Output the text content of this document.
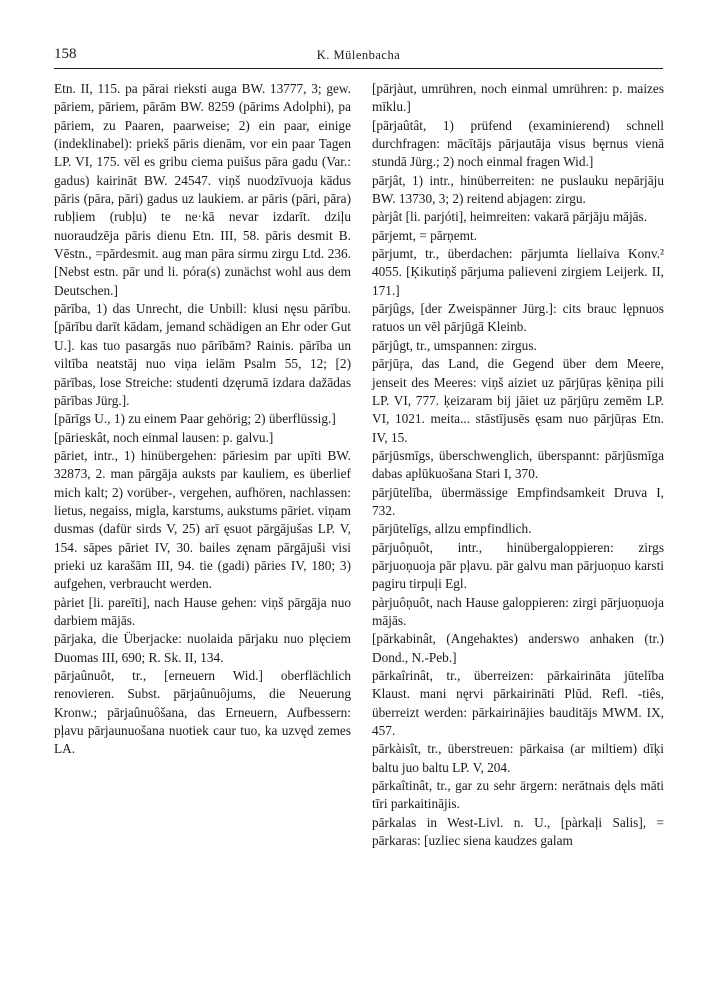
158	K. Mülenbacha

Etn. II, 115. pa pārai rieksti auga BW. 13777, 3; gew. pāriem, pāriem, pārām BW. 8259 (pārims Adolphi), pa pāriem, zu Paaren, paarweise; 2) ein paar, einige (indeklinabel): priekš pāris dienām, vor ein paar Tagen LP. VI, 175. vēl es gribu ciema puišus pāra gadu (Var.: gadus) kairināt BW. 24547. viņš nuodzīvuoja kādus pāris (pāra, pāri) gadus uz laukiem. ar pāris (pāri, pāra) rubļiem (rubļu) te ne·kā nevar izdarīt. dziļu nuoraudzēja pāris dienu Etn. III, 58. pāris desmit B. Vēstn., =pārdesmit. aug man pāra sirmu zirgu Ltd. 236. [Nebst estn. pār und li. póra(s) zunächst wohl aus dem Deutschen.]

pārība, 1) das Unrecht, die Unbill: klusi nęsu pārību. [pārību darīt kādam, jemand schädigen an Ehr oder Gut U.]. kas tuo pasargās nuo pārībām? Rainis. pārība un viltība neatstāj nuo viņa ielām Psalm 55, 12; [2) pārības, lose Streiche: studenti dzęrumā izdara dažādas pārības Jürg.].

[pārīgs U., 1) zu einem Paar gehörig; 2) überflüssig.]

[pārieskât, noch einmal lausen: p. galvu.]

pāriet, intr., 1) hinübergehen: pāriesim par upīti BW. 32873, 2. man pārgāja auksts par kauliem, es überlief mich kalt; 2) vorüber-, vergehen, aufhören, nachlassen: lietus, negaiss, migla, karstums, aukstums pāriet. viņam dusmas (dafür sirds V, 25) arī ęsuot pārgājušas LP. V, 154. sāpes pāriet IV, 30. bailes zęnam pārgājuši visi prieki uz karašām III, 94. tie (gadi) pāries IV, 180; 3) aufgehen, verbraucht werden.

pàriet [li. pareīti], nach Hause gehen: viņš pārgāja nuo darbiem mājās.

pārjaka, die Überjacke: nuolaida pārjaku nuo plęciem Duomas III, 690; R. Sk. II, 134.

pārjaûnuôt, tr., [erneuern Wid.] oberflächlich renovieren. Subst. pārjaûnuôjums, die Neuerung Kronw.; pārjaûnuôšana, das Erneuern, Aufbessern: pļavu pārjaunuošana nuotiek caur tuo, ka uzvęd zemes LA.

[pārjàut, umrühren, noch einmal umrühren: p. maizes mīklu.]

[pārjaûtât, 1) prüfend (examinierend) schnell durchfragen: mācītājs pārjautāja visus bęrnus vienā stundā Jürg.; 2) noch einmal fragen Wid.]

pārjât, 1) intr., hinüberreiten: ne puslauku nepārjāju BW. 13730, 3; 2) reitend abjagen: zirgu.

pàrjât [li. parjóti], heimreiten: vakarā pārjāju mājās.

pārjemt, = pārņemt.

pārjumt, tr., überdachen: pārjumta liellaiva Konv.² 4055. [Ķikutiņš pārjuma palieveni zirgiem Leijerk. II, 171.]

pārjûgs, [der Zweispänner Jürg.]: cits brauc lępnuos ratuos un vēl pārjūgā Kleinb.

pārjûgt, tr., umspannen: zirgus.

pārjūŗa, das Land, die Gegend über dem Meere, jenseit des Meeres: viņš aiziet uz pārjūŗas ķēniņa pili LP. VI, 777. ķeizaram bij jāiet uz pārjūŗu zemēm LP. VI, 1021. meita... stāstījusēs ęsam nuo pārjūŗas Etn. IV, 15.

pārjūsmīgs, überschwenglich, überspannt: pārjūsmīga dabas aplūkuošana Stari I, 370.

pārjūtelība, übermässige Empfindsamkeit Druva I, 732.

pārjūtelīgs, allzu empfindlich.

pārjuôņuôt, intr., hinübergaloppieren: zirgs pārjuoņuoja pār pļavu. pār galvu man pārjuoņuo karsti pagiru tirpuļi Egl.

pàrjuôņuôt, nach Hause galoppieren: zirgi pārjuoņuoja mājās.

[pārkabinât, (Angehaktes) anderswo anhaken (tr.) Dond., N.-Peb.]

pārkaîrinât, tr., überreizen: pārkairināta jūtelība Klaust. mani nęrvi pārkairināti Plūd. Refl. -tiês, überreizt werden: pārkairinājies bauditājs MWM. IX, 457.

pārkàisît, tr., überstreuen: pārkaisa (ar miltiem) dīķi baltu juo baltu LP. V, 204.

pārkaîtinât, tr., gar zu sehr ärgern: nerātnais dęls māti tīri parkaitinājis.

pārkalas in West-Livl. n. U., [pàrkaļi Salis], = pārkaras: [uzliec siena kaudzes galam
